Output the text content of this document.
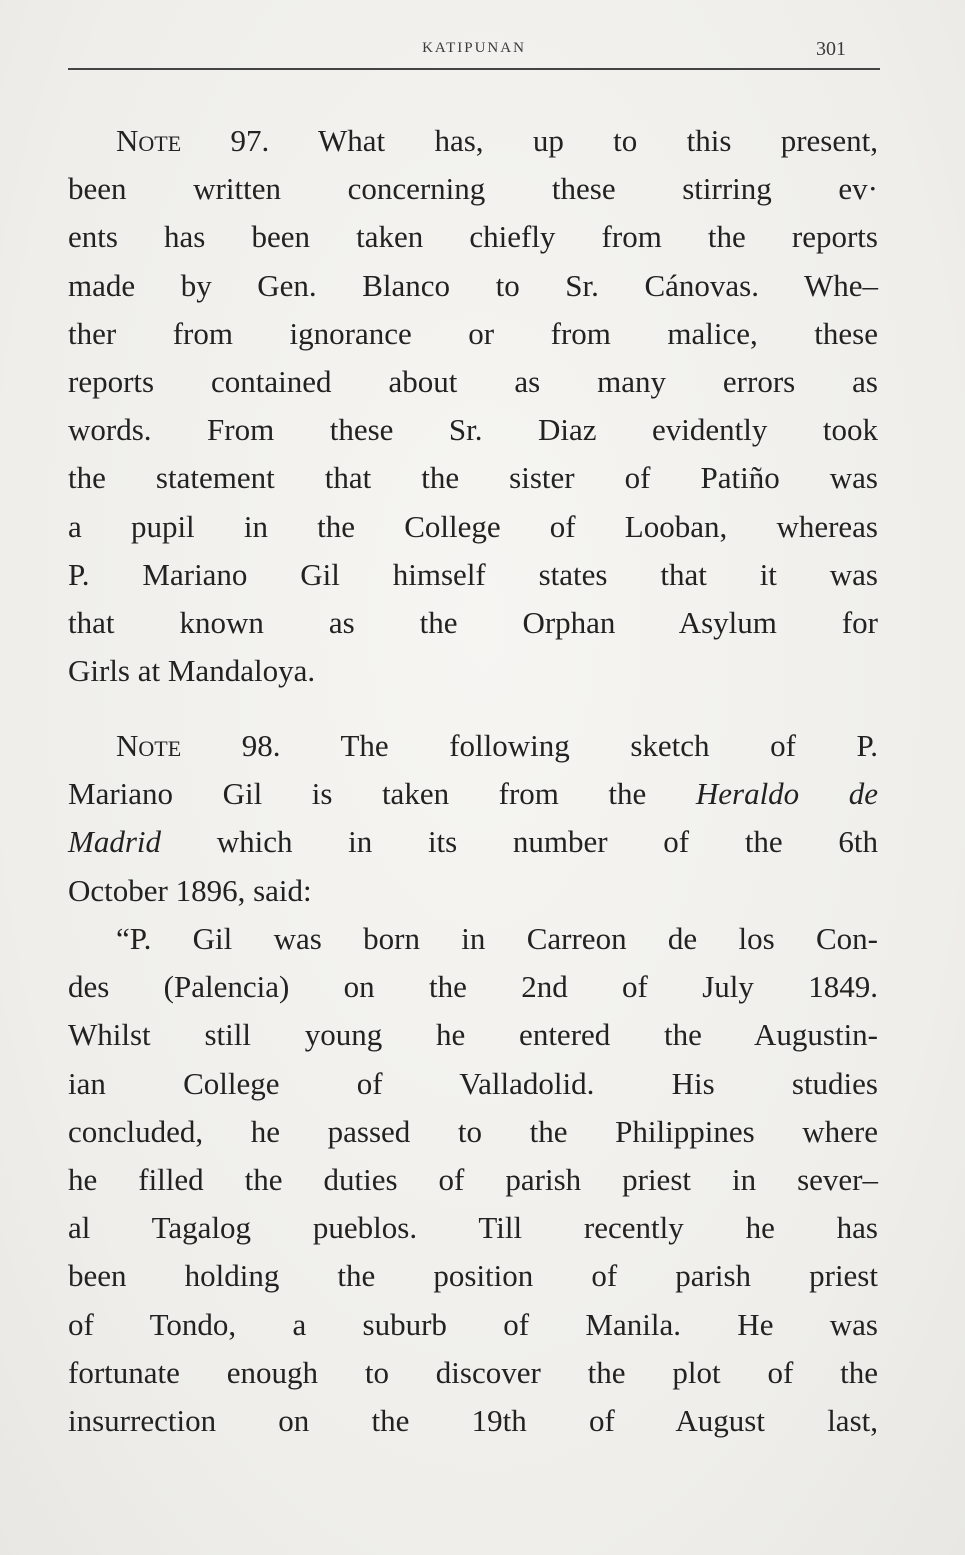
KATIPUNAN	301
Note 97. What has, up to this present,
been written concerning these stirring ev·
ents has been taken chiefly from the reports
made by Gen. Blanco to Sr. Cánovas. Whe–
ther from ignorance or from malice, these
reports contained about as many errors as
words. From these Sr. Diaz evidently took
the statement that the sister of Patiño was
a pupil in the College of Looban, whereas
P. Mariano Gil himself states that it was
that known as the Orphan Asylum for
Girls at Mandaloya.
Note 98. The following sketch of P.
Mariano Gil is taken from the Heraldo de
Madrid which in its number of the 6th
October 1896, said:
“P. Gil was born in Carreon de los Con-
des (Palencia) on the 2nd of July 1849.
Whilst still young he entered the Augustin-
ian College of Valladolid. His studies
concluded, he passed to the Philippines where
he filled the duties of parish priest in sever–
al Tagalog pueblos. Till recently he has
been holding the position of parish priest
of Tondo, a suburb of Manila. He was
fortunate enough to discover the plot of the
insurrection on the 19th of August last,
